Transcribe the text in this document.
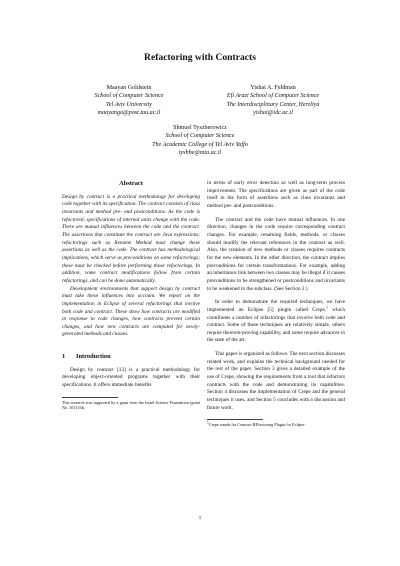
Refactoring with Contracts
Maayan Goldstein
School of Computer Science
Tel Aviv University
maayango@post.tau.ac.il
Yishai A. Feldman
Efi Arazi School of Computer Science
The Interdisciplinary Center, Herzliya
yishai@idc.ac.il
Shmuel Tyszberowicz
School of Computer Science
The Academic College of Tel Aviv Yaffo
tyshbe@mta.ac.il
Abstract

Design by contract is a practical methodology for developing code together with its specification. The contract consists of class invariants and method pre- and postconditions. As the code is refactored, specifications of internal units change with the code. There are mutual influences between the code and the contract. The assertions that constitute the contract are Java expressions; refactorings such as Rename Method must change these assertions as well as the code. The contract has methodological implications, which serve as preconditions on some refactorings; these must be checked before performing those refactorings. In addition, some contract modifications follow from certain refactorings, and can be done automatically.

Development environments that support design by contract must take these influences into account. We report on the implementation in Eclipse of several refactorings that involve both code and contract. These show how contracts are modified in response to code changes, how contracts prevent certain changes, and how new contracts are computed for newly-generated methods and classes.

1 Introduction

Design by contract [13] is a practical methodology for developing object-oriented programs together with their specifications. It offers immediate benefits

This research was supported by a grant from the Israel Science Foundation (grant No. 1011/04).

in terms of early error detection as well as long-term process improvement. The specifications are given as part of the code itself in the form of assertions such as class invariants and method pre- and postconditions.

The contract and the code have mutual influences. In one direction, changes in the code require corresponding contract changes. For example, renaming fields, methods, or classes should modify the relevant references in the contract as well. Also, the creation of new methods or classes requires contracts for the new elements. In the other direction, the contract implies preconditions for certain transformations. For example, adding an inheritance link between two classes may be illegal if it causes preconditions to be strengthened or postconditions and invariants to be weakened in the subclass. (See Section 2.)

In order to demonstrate the required techniques, we have implemented an Eclipse [5] plugin called Crepe,$^1$ which contributes a number of refactorings that involve both code and contract. Some of these techniques are relatively simple, others require theorem-proving capability, and some require advances in the state of the art.

This paper is organized as follows. The next section discusses related work, and explains the technical background needed for the rest of the paper. Section 3 gives a detailed example of the use of Crepe, showing the requirements from a tool that refactors contracts with the code and demonstrating its capabilities. Section 4 discusses the implementation of Crepe and the general techniques it uses, and Section 5 concludes with a discussion and future work.

1Crepe stands for Contract REfactoring Plugin for Eclipse.
1
